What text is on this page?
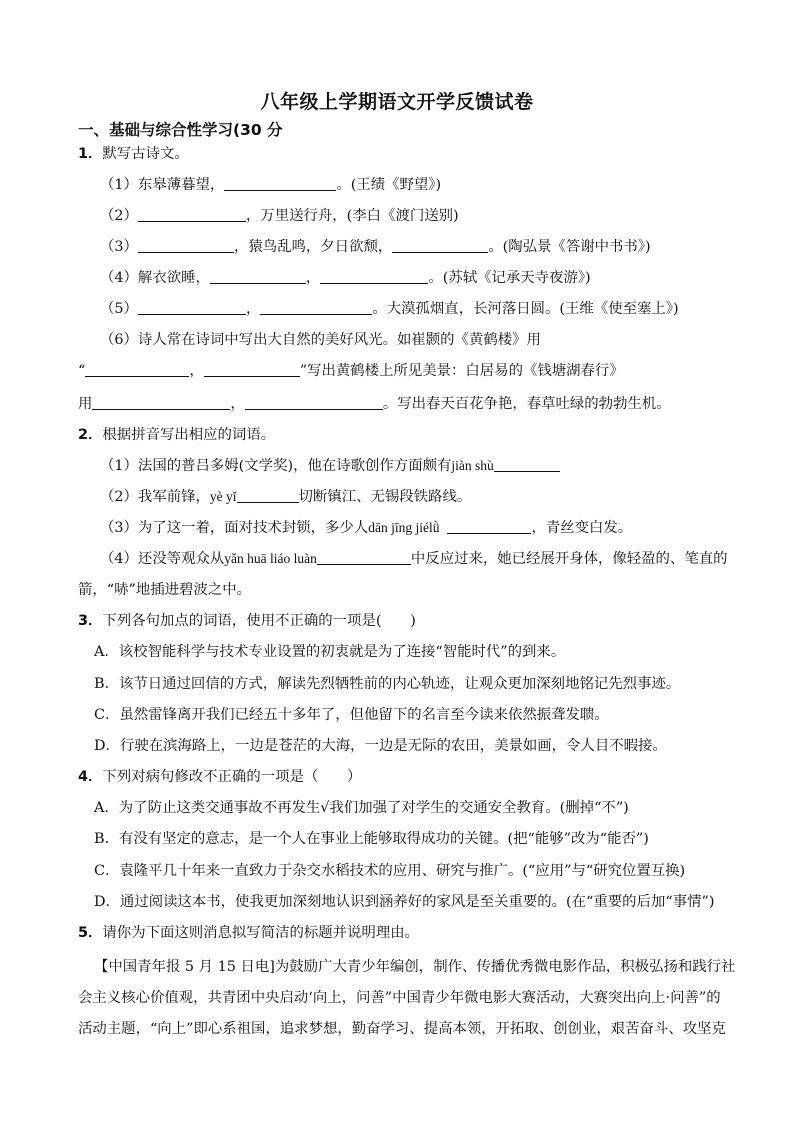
八年级上学期语文开学反馈试卷
一、基础与综合性学习(30 分
1．默写古诗文。
（1）东皋薄暮望，	。(王绩《野望》)
（2）	，万里送行舟，(李白《渡门送别)
（3）	，猿鸟乱鸣，夕日欲颓，	。(陶弘景《答谢中书书》)
（4）解衣欲睡，	，	。(苏轼《记承天寺夜游》)
（5）	，	。大漠孤烟直，长河落日圆。(王维《使至塞上》)
（6）诗人常在诗词中写出大自然的美好风光。如崔颢的《黄鹤楼》用
“	，	”写出黄鹤楼上所见美景：白居易的《钱塘湖春行》
用	，	。写出春天百花争艳，春草吐绿的勃勃生机。
2．根据拼音写出相应的词语。
（1）法国的普吕多姆(文学奖)，他在诗歌创作方面颇有jiàn shù
（2）我军前锋，yè yǐ	切断镇江、无锡段铁路线。
（3）为了这一着，面对技术封锁，多少人dān jīng jiélǜ	，青丝变白发。
（4）还没等观众从yǎn huā liáo luàn	中反应过来，她已经展开身体，像轻盈的、笔直的
箭，“哧”地插进碧波之中。
3．下列各句加点的词语，使用不正确的一项是(　　)
A．该校智能科学与技术专业设置的初衷就是为了连接“智能时代”的到来。
B．该节日通过回信的方式，解读先烈牺牲前的内心轨迹，让观众更加深刻地铭记先烈事迹。
C．虽然雷锋离开我们已经五十多年了，但他留下的名言至今读来依然振聋发聩。
D．行驶在滨海路上，一边是苍茫的大海，一边是无际的农田，美景如画，令人目不暇接。
4．下列对病句修改不正确的一项是（　　）
A．为了防止这类交通事故不再发生√我们加强了对学生的交通安全教育。(删掉“不”)
B．有没有坚定的意志，是一个人在事业上能够取得成功的关键。(把“能够”改为“能否”)
C．袁隆平几十年来一直致力于杂交水稻技术的应用、研究与推广。(“应用”与“研究位置互换)
D．通过阅读这本书，使我更加深刻地认识到涵养好的家风是至关重要的。(在“重要的后加“事情”)
5．请你为下面这则消息拟写简洁的标题并说明理由。
【中国青年报 5 月 15 日电]为鼓励广大青少年编创，制作、传播优秀微电影作品，积极弘扬和践行社
会主义核心价值观，共青团中央启动‘向上，问善”中国青少年微电影大赛活动，大赛突出向上·问善”的
活动主题，“向上”即心系祖国，追求梦想，勤奋学习、提高本领，开拓取、创创业，艰苦奋斗、攻坚克
